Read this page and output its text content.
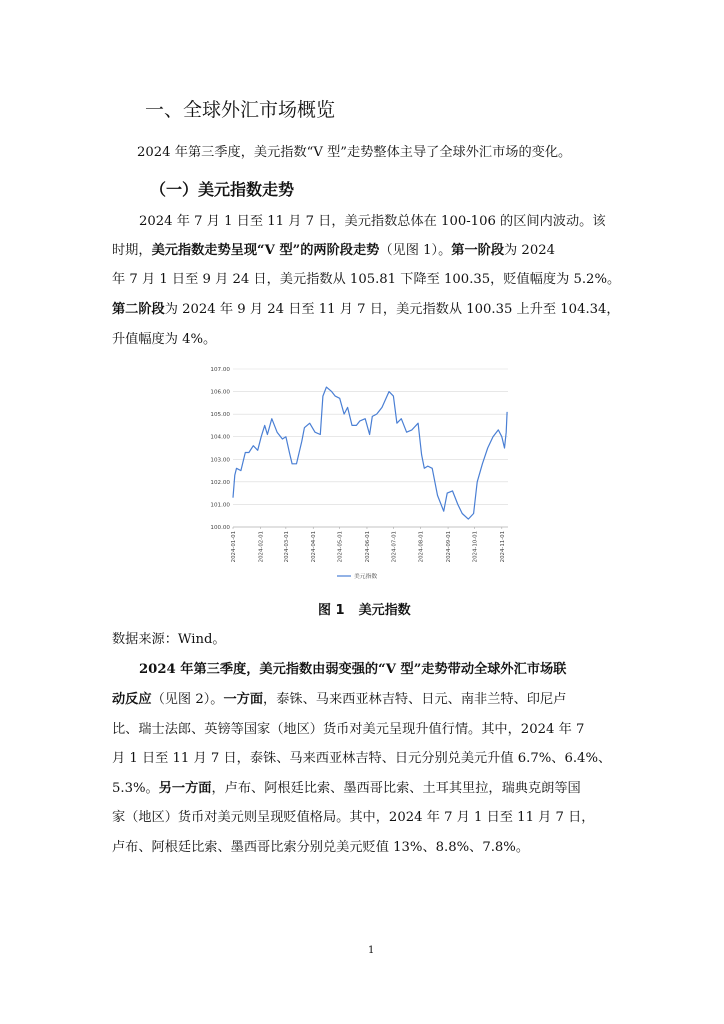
一、全球外汇市场概览
2024 年第三季度，美元指数“V 型”走势整体主导了全球外汇市场的变化。
（一）美元指数走势
2024 年 7 月 1 日至 11 月 7 日，美元指数总体在 100-106 的区间内波动。该
时期，美元指数走势呈现“V 型”的两阶段走势（见图 1）。第一阶段为 2024
年 7 月 1 日至 9 月 24 日，美元指数从 105.81 下降至 100.35，贬值幅度为 5.2%。
第二阶段为 2024 年 9 月 24 日至 11 月 7 日，美元指数从 100.35 上升至 104.34，
升值幅度为 4%。
100.00
101.00
102.00
103.00
104.00
105.00
106.00
107.00
2024-01-01	2024-02-01	2024-03-01	2024-04-01	2024-05-01	2024-06-01	2024-07-01	2024-08-01	2024-09-01	2024-10-01	2024-11-01
美元指数
图 1 美元指数
数据来源：Wind。
2024 年第三季度，美元指数由弱变强的“V 型”走势带动全球外汇市场联
动反应（见图 2）。一方面，泰铢、马来西亚林吉特、日元、南非兰特、印尼卢
比、瑞士法郎、英镑等国家（地区）货币对美元呈现升值行情。其中，2024 年 7
月 1 日至 11 月 7 日，泰铢、马来西亚林吉特、日元分别兑美元升值 6.7%、6.4%、
5.3%。另一方面，卢布、阿根廷比索、墨西哥比索、土耳其里拉，瑞典克朗等国
家（地区）货币对美元则呈现贬值格局。其中，2024 年 7 月 1 日至 11 月 7 日，
卢布、阿根廷比索、墨西哥比索分别兑美元贬值 13%、8.8%、7.8%。
1
